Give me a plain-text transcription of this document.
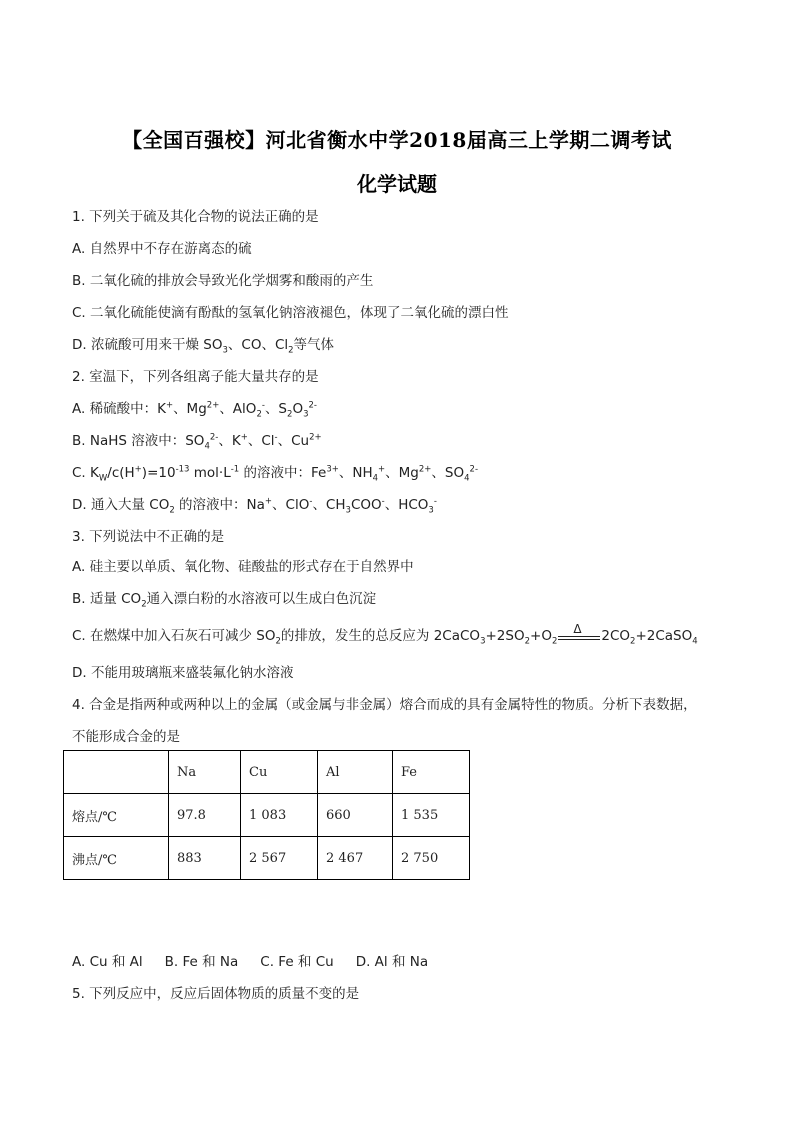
【全国百强校】河北省衡水中学2018届高三上学期二调考试
化学试题
1. 下列关于硫及其化合物的说法正确的是
A. 自然界中不存在游离态的硫
B. 二氧化硫的排放会导致光化学烟雾和酸雨的产生
C. 二氧化硫能使滴有酚酞的氢氧化钠溶液褪色，体现了二氧化硫的漂白性
D. 浓硫酸可用来干燥 $SO_3$、CO、$Cl_2$等气体
2. 室温下，下列各组离子能大量共存的是
A. 稀硫酸中：K+、$Mg^{2+}$、AlO$_2$-、$S_2O_3^{2-}$
B. NaHS 溶液中：$SO_4^{2-}$、K+、Cl-、$Cu^{2+}$
C. $K_W/c(H^+)=10^{-13}$ $mol\cdot L^{-1}$ 的溶液中：$Fe^{3+}$、$NH_4^+$、$Mg^{2+}$、$SO_4^{2-}$
D. 通入大量 $CO_2$ 的溶液中：Na+、ClO-、$CH_3COO^-$、$HCO_3^-$
3. 下列说法中不正确的是
A. 硅主要以单质、氧化物、硅酸盐的形式存在于自然界中
B. 适量 $CO_2$通入漂白粉的水溶液可以生成白色沉淀
C. 在燃煤中加入石灰石可减少 $SO_2$的排放，发生的总反应为 $2CaCO_3+2SO_2+O_2$
Δ $2CO_2+2CaSO_4$
D. 不能用玻璃瓶来盛装氟化钠水溶液
4. 合金是指两种或两种以上的金属（或金属与非金属）熔合而成的具有金属特性的物质。分析下表数据，
不能形成合金的是
	Na	Cu	Al	Fe
熔点/℃	97.8	1 083	660	1 535
沸点/℃	883	2 567	2 467	2 750
A. Cu 和 Al B. Fe 和 Na C. Fe 和 Cu D. Al 和 Na
5. 下列反应中，反应后固体物质的质量不变的是
